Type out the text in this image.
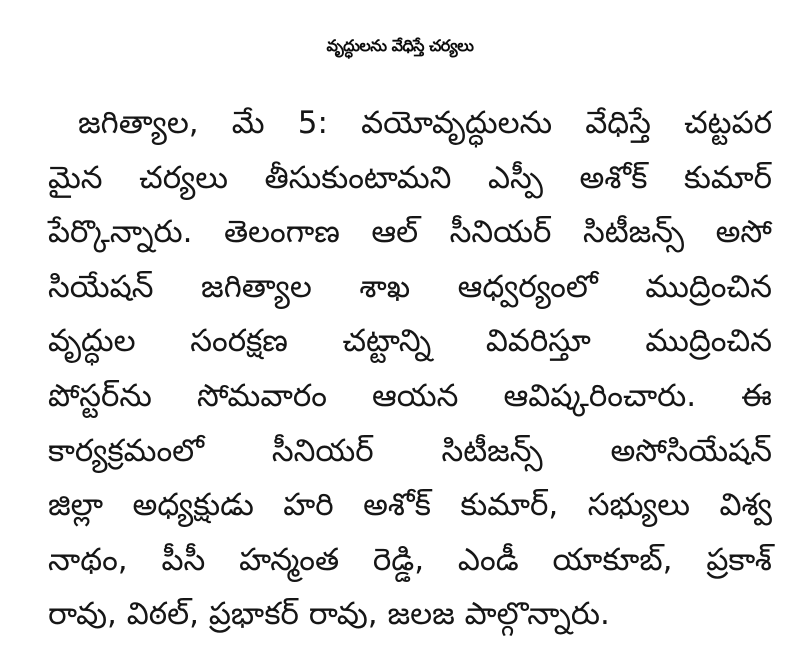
వృద్ధులను వేధిస్తే చర్యలు
జగిత్యాల, మే 5: వయోవృద్ధులను వేధిస్తే చట్టపర
మైన చర్యలు తీసుకుంటామని ఎస్పీ అశోక్ కుమార్
పేర్కొన్నారు. తెలంగాణ ఆల్ సీనియర్ సిటీజన్స్ అసో
సియేషన్ జగిత్యాల శాఖ ఆధ్వర్యంలో ముద్రించిన
వృద్ధుల సంరక్షణ చట్టాన్ని వివరిస్తూ ముద్రించిన
పోస్టర్‌ను సోమవారం ఆయన ఆవిష్కరించారు. ఈ
కార్యక్రమంలో సీనియర్ సిటీజన్స్ అసోసియేషన్
జిల్లా అధ్యక్షుడు హరి అశోక్ కుమార్, సభ్యులు విశ్వ
నాథం, పీసీ హన్మంత రెడ్డి, ఎండీ యాకూబ్, ప్రకాశ్
రావు, విఠల్, ప్రభాకర్ రావు, జలజ పాల్గొన్నారు.
